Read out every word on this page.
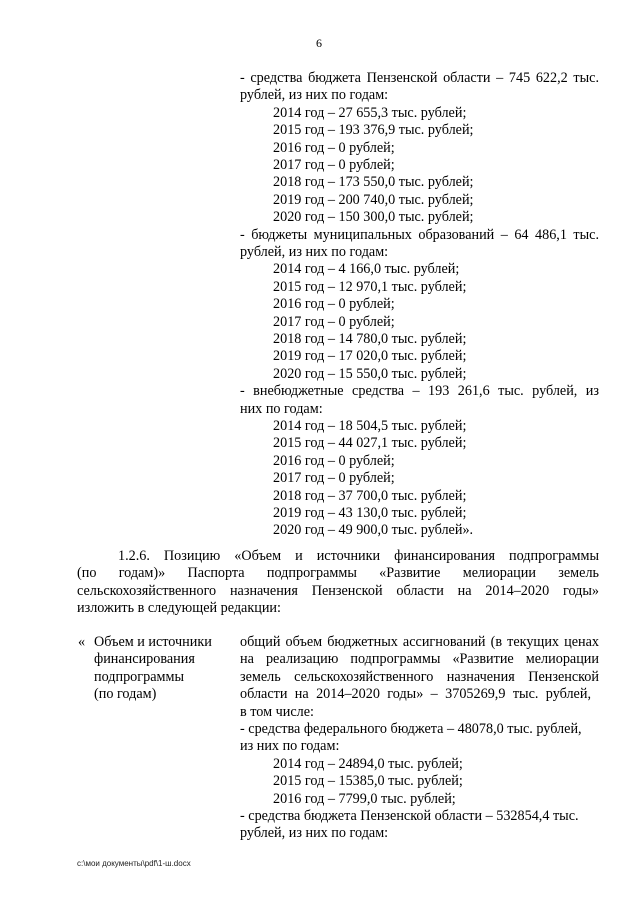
6
- средства бюджета Пензенской области – 745 622,2 тыс.
рублей, из них по годам:
2014 год – 27 655,3 тыс. рублей;
2015 год – 193 376,9 тыс. рублей;
2016 год – 0 рублей;
2017 год – 0 рублей;
2018 год – 173 550,0 тыс. рублей;
2019 год – 200 740,0 тыс. рублей;
2020 год – 150 300,0 тыс. рублей;
- бюджеты муниципальных образований – 64 486,1 тыс.
рублей, из них по годам:
2014 год – 4 166,0 тыс. рублей;
2015 год – 12 970,1 тыс. рублей;
2016 год – 0 рублей;
2017 год – 0 рублей;
2018 год – 14 780,0 тыс. рублей;
2019 год – 17 020,0 тыс. рублей;
2020 год – 15 550,0 тыс. рублей;
- внебюджетные средства – 193 261,6 тыс. рублей, из
них по годам:
2014 год – 18 504,5 тыс. рублей;
2015 год – 44 027,1 тыс. рублей;
2016 год – 0 рублей;
2017 год – 0 рублей;
2018 год – 37 700,0 тыс. рублей;
2019 год – 43 130,0 тыс. рублей;
2020 год – 49 900,0 тыс. рублей».
1.2.6. Позицию «Объем и источники финансирования подпрограммы
(по годам)» Паспорта подпрограммы «Развитие мелиорации земель
сельскохозяйственного назначения Пензенской области на 2014–2020 годы»
изложить в следующей редакции:
« Объем и источники
финансирования
подпрограммы
(по годам)
общий объем бюджетных ассигнований (в текущих ценах
на реализацию подпрограммы «Развитие мелиорации
земель сельскохозяйственного назначения Пензенской
области на 2014–2020 годы» – 3705269,9 тыс. рублей,
в том числе:
- средства федерального бюджета – 48078,0 тыс. рублей,
из них по годам:
2014 год – 24894,0 тыс. рублей;
2015 год – 15385,0 тыс. рублей;
2016 год – 7799,0 тыс. рублей;
- средства бюджета Пензенской области – 532854,4 тыс.
рублей, из них по годам:
c:\мои документы\pdf\1-ш.docx
